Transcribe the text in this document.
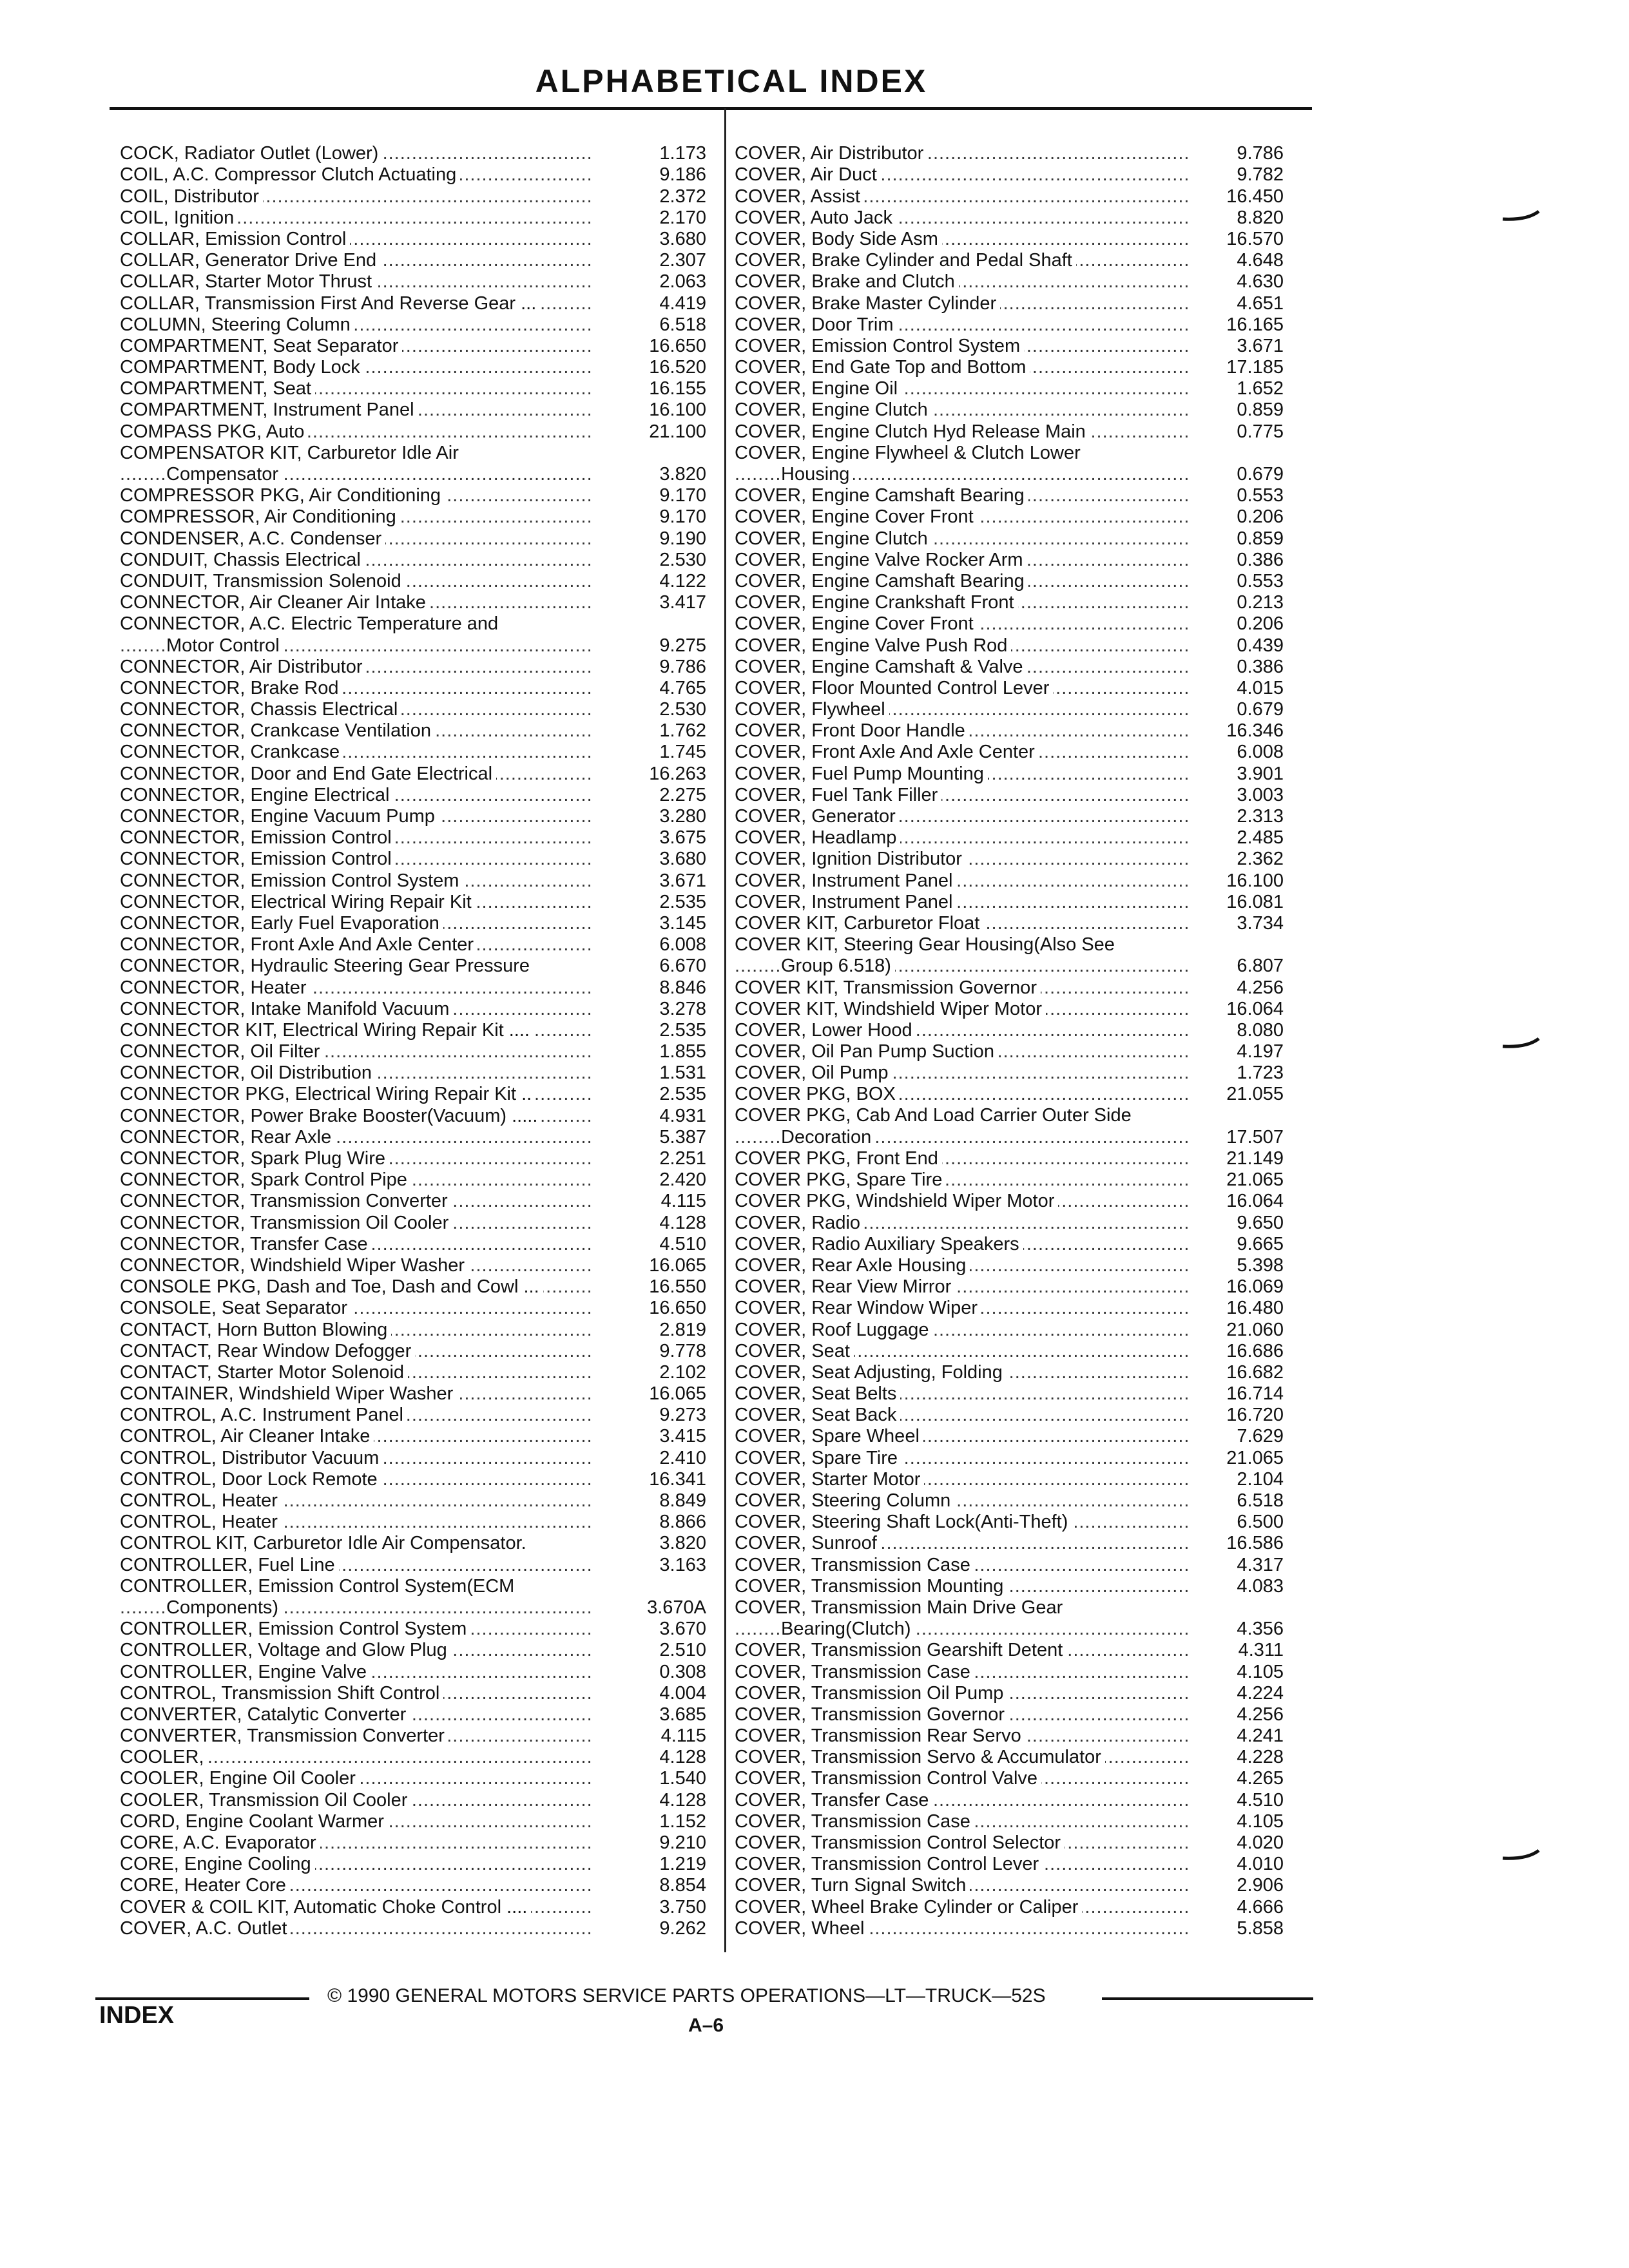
ALPHABETICAL INDEX
COCK, Radiator Outlet (Lower) .....	1.173
COIL, A.C. Compressor Clutch Actuating .....	9.186
COIL, Distributor .....	2.372
COIL, Ignition .....	2.170
COLLAR, Emission Control .....	3.680
COLLAR, Generator Drive End .....	2.307
COLLAR, Starter Motor Thrust .....	2.063
COLLAR, Transmission First And Reverse Gear ... .....	4.419
COLUMN, Steering Column .....	6.518
COMPARTMENT, Seat Separator .....	16.650
COMPARTMENT, Body Lock .....	16.520
COMPARTMENT, Seat .....	16.155
COMPARTMENT, Instrument Panel .....	16.100
COMPASS PKG, Auto .....	21.100
COMPENSATOR KIT, Carburetor Idle Air
Compensator .....	3.820
COMPRESSOR PKG, Air Conditioning .....	9.170
COMPRESSOR, Air Conditioning .....	9.170
CONDENSER, A.C. Condenser .....	9.190
CONDUIT, Chassis Electrical .....	2.530
CONDUIT, Transmission Solenoid .....	4.122
CONNECTOR, Air Cleaner Air Intake .....	3.417
CONNECTOR, A.C. Electric Temperature and
Motor Control .....	9.275
CONNECTOR, Air Distributor .....	9.786
CONNECTOR, Brake Rod .....	4.765
CONNECTOR, Chassis Electrical .....	2.530
CONNECTOR, Crankcase Ventilation .....	1.762
CONNECTOR, Crankcase .....	1.745
CONNECTOR, Door and End Gate Electrical .....	16.263
CONNECTOR, Engine Electrical .....	2.275
CONNECTOR, Engine Vacuum Pump .....	3.280
CONNECTOR, Emission Control .....	3.675
CONNECTOR, Emission Control .....	3.680
CONNECTOR, Emission Control System .....	3.671
CONNECTOR, Electrical Wiring Repair Kit .....	2.535
CONNECTOR, Early Fuel Evaporation .....	3.145
CONNECTOR, Front Axle And Axle Center .....	6.008
CONNECTOR, Hydraulic Steering Gear Pressure	6.670
CONNECTOR, Heater .....	8.846
CONNECTOR, Intake Manifold Vacuum .....	3.278
CONNECTOR KIT, Electrical Wiring Repair Kit .... .....	2.535
CONNECTOR, Oil Filter .....	1.855
CONNECTOR, Oil Distribution .....	1.531
CONNECTOR PKG, Electrical Wiring Repair Kit .. .....	2.535
CONNECTOR, Power Brake Booster(Vacuum) ..... .....	4.931
CONNECTOR, Rear Axle .....	5.387
CONNECTOR, Spark Plug Wire .....	2.251
CONNECTOR, Spark Control Pipe .....	2.420
CONNECTOR, Transmission Converter .....	4.115
CONNECTOR, Transmission Oil Cooler .....	4.128
CONNECTOR, Transfer Case .....	4.510
CONNECTOR, Windshield Wiper Washer .....	16.065
CONSOLE PKG, Dash and Toe, Dash and Cowl ... .....	16.550
CONSOLE, Seat Separator .....	16.650
CONTACT, Horn Button Blowing .....	2.819
CONTACT, Rear Window Defogger .....	9.778
CONTACT, Starter Motor Solenoid .....	2.102
CONTAINER, Windshield Wiper Washer .....	16.065
CONTROL, A.C. Instrument Panel .....	9.273
CONTROL, Air Cleaner Intake .....	3.415
CONTROL, Distributor Vacuum .....	2.410
CONTROL, Door Lock Remote .....	16.341
CONTROL, Heater .....	8.849
CONTROL, Heater .....	8.866
CONTROL KIT, Carburetor Idle Air Compensator.	3.820
CONTROLLER, Fuel Line .....	3.163
CONTROLLER, Emission Control System(ECM
Components) .....	3.670A
CONTROLLER, Emission Control System .....	3.670
CONTROLLER, Voltage and Glow Plug .....	2.510
CONTROLLER, Engine Valve .....	0.308
CONTROL, Transmission Shift Control .....	4.004
CONVERTER, Catalytic Converter .....	3.685
CONVERTER, Transmission Converter .....	4.115
COOLER, .....	4.128
COOLER, Engine Oil Cooler .....	1.540
COOLER, Transmission Oil Cooler .....	4.128
CORD, Engine Coolant Warmer .....	1.152
CORE, A.C. Evaporator .....	9.210
CORE, Engine Cooling .....	1.219
CORE, Heater Core .....	8.854
COVER & COIL KIT, Automatic Choke Control .... .....	3.750
COVER, A.C. Outlet .....	9.262
COVER, Air Distributor .....	9.786
COVER, Air Duct .....	9.782
COVER, Assist .....	16.450
COVER, Auto Jack .....	8.820
COVER, Body Side Asm .....	16.570
COVER, Brake Cylinder and Pedal Shaft .....	4.648
COVER, Brake and Clutch .....	4.630
COVER, Brake Master Cylinder .....	4.651
COVER, Door Trim .....	16.165
COVER, Emission Control System .....	3.671
COVER, End Gate Top and Bottom .....	17.185
COVER, Engine Oil .....	1.652
COVER, Engine Clutch .....	0.859
COVER, Engine Clutch Hyd Release Main .....	0.775
COVER, Engine Flywheel & Clutch Lower
Housing .....	0.679
COVER, Engine Camshaft Bearing .....	0.553
COVER, Engine Cover Front .....	0.206
COVER, Engine Clutch .....	0.859
COVER, Engine Valve Rocker Arm .....	0.386
COVER, Engine Camshaft Bearing .....	0.553
COVER, Engine Crankshaft Front .....	0.213
COVER, Engine Cover Front .....	0.206
COVER, Engine Valve Push Rod .....	0.439
COVER, Engine Camshaft & Valve .....	0.386
COVER, Floor Mounted Control Lever .....	4.015
COVER, Flywheel .....	0.679
COVER, Front Door Handle .....	16.346
COVER, Front Axle And Axle Center .....	6.008
COVER, Fuel Pump Mounting .....	3.901
COVER, Fuel Tank Filler .....	3.003
COVER, Generator .....	2.313
COVER, Headlamp .....	2.485
COVER, Ignition Distributor .....	2.362
COVER, Instrument Panel .....	16.100
COVER, Instrument Panel .....	16.081
COVER KIT, Carburetor Float .....	3.734
COVER KIT, Steering Gear Housing(Also See
Group 6.518) .....	6.807
COVER KIT, Transmission Governor .....	4.256
COVER KIT, Windshield Wiper Motor .....	16.064
COVER, Lower Hood .....	8.080
COVER, Oil Pan Pump Suction .....	4.197
COVER, Oil Pump .....	1.723
COVER PKG, BOX .....	21.055
COVER PKG, Cab And Load Carrier Outer Side
Decoration .....	17.507
COVER PKG, Front End .....	21.149
COVER PKG, Spare Tire .....	21.065
COVER PKG, Windshield Wiper Motor .....	16.064
COVER, Radio .....	9.650
COVER, Radio Auxiliary Speakers .....	9.665
COVER, Rear Axle Housing .....	5.398
COVER, Rear View Mirror .....	16.069
COVER, Rear Window Wiper .....	16.480
COVER, Roof Luggage .....	21.060
COVER, Seat .....	16.686
COVER, Seat Adjusting, Folding .....	16.682
COVER, Seat Belts .....	16.714
COVER, Seat Back .....	16.720
COVER, Spare Wheel .....	7.629
COVER, Spare Tire .....	21.065
COVER, Starter Motor .....	2.104
COVER, Steering Column .....	6.518
COVER, Steering Shaft Lock(Anti-Theft) .....	6.500
COVER, Sunroof .....	16.586
COVER, Transmission Case .....	4.317
COVER, Transmission Mounting .....	4.083
COVER, Transmission Main Drive Gear
Bearing(Clutch) .....	4.356
COVER, Transmission Gearshift Detent .....	4.311
COVER, Transmission Case .....	4.105
COVER, Transmission Oil Pump .....	4.224
COVER, Transmission Governor .....	4.256
COVER, Transmission Rear Servo .....	4.241
COVER, Transmission Servo & Accumulator .....	4.228
COVER, Transmission Control Valve .....	4.265
COVER, Transfer Case .....	4.510
COVER, Transmission Case .....	4.105
COVER, Transmission Control Selector .....	4.020
COVER, Transmission Control Lever .....	4.010
COVER, Turn Signal Switch .....	2.906
COVER, Wheel Brake Cylinder or Caliper .....	4.666
COVER, Wheel .....	5.858
© 1990 GENERAL MOTORS SERVICE PARTS OPERATIONS—LT—TRUCK—52S
INDEX	A–6
